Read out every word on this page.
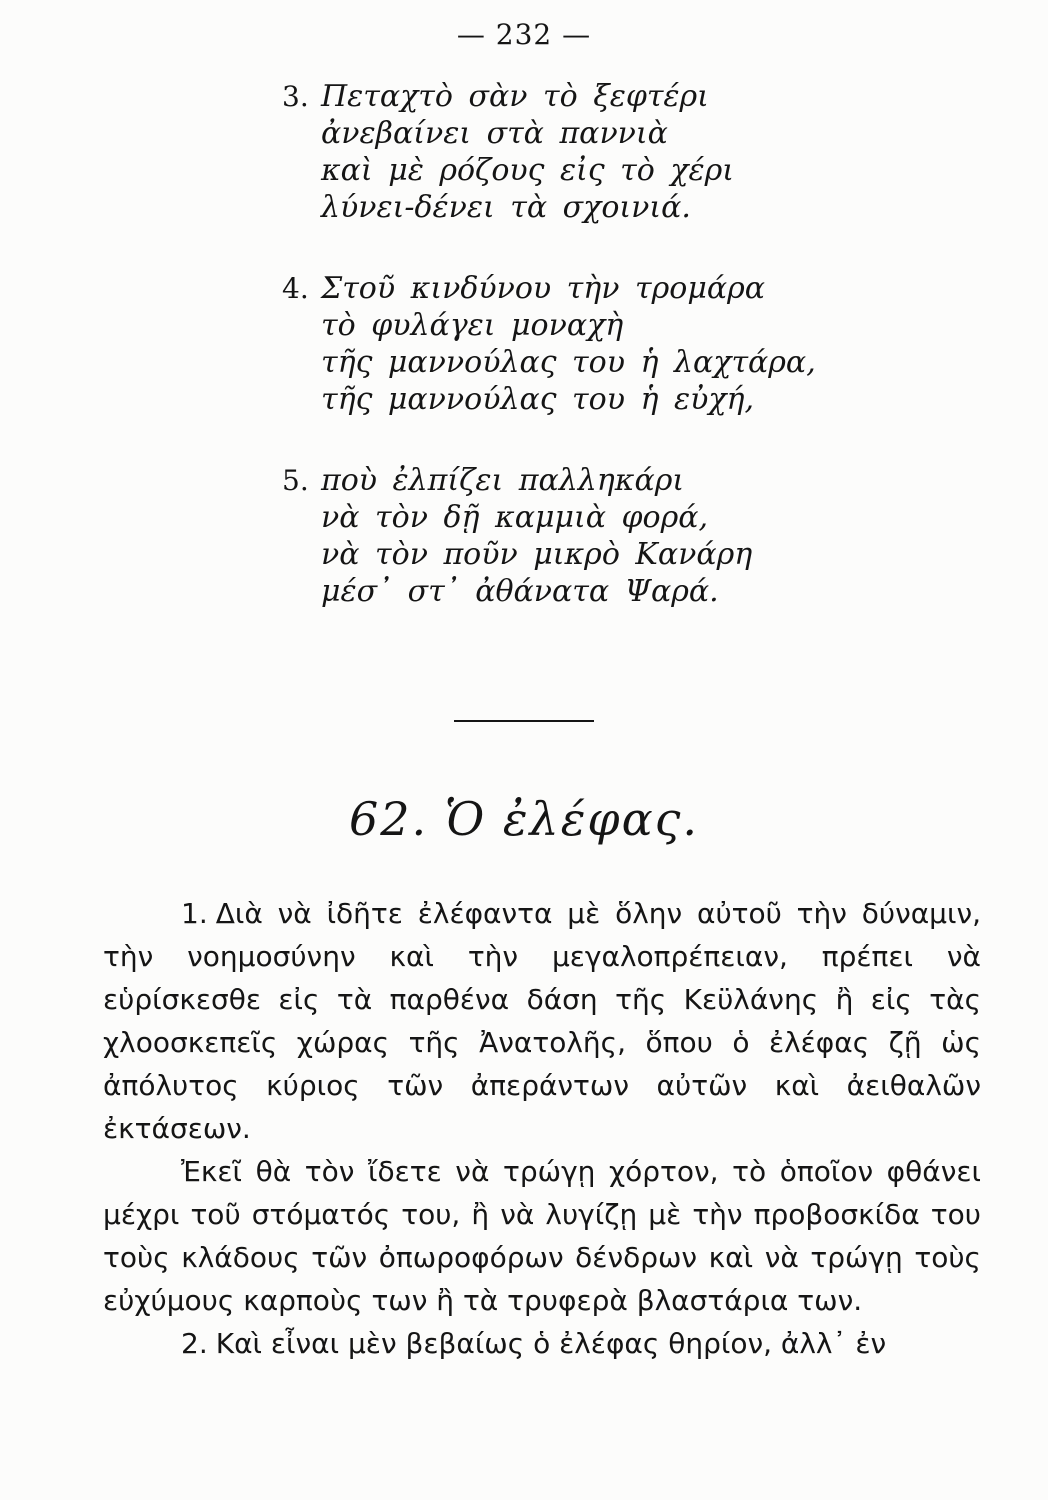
— 232 —
3. Πεταχτὸ σὰν τὸ ξεφτέρι
ἀνεβαίνει στὰ παννιὰ
καὶ μὲ ρόζους εἰς τὸ χέρι
λύνει-δένει τὰ σχοινιά.
4. Στοῦ κινδύνου τὴν τρομάρα
τὸ φυλάγει μοναχὴ
τῆς μαννούλας του ἡ λαχτάρα,
τῆς μαννούλας του ἡ εὐχή,
5. ποὺ ἐλπίζει παλληκάρι
νὰ τὸν δῇ καμμιὰ φορά,
νὰ τὸν ποῦν μικρὸ Κανάρη
μέσ᾽ στ᾽ ἀθάνατα Ψαρά.
62. Ὁ ἐλέφας.

1. Διὰ νὰ ἰδῆτε ἐλέφαντα μὲ ὅλην αὐτοῦ τὴν δύναμιν, τὴν νοημοσύνην καὶ τὴν μεγαλοπρέπειαν, πρέπει νὰ εὑρίσκεσθε εἰς τὰ παρθένα δάση τῆς Κεϋλάνης ἢ εἰς τὰς χλοοσκεπεῖς χώρας τῆς Ἀνατολῆς, ὅπου ὁ ἐλέφας ζῇ ὡς ἀπόλυτος κύριος τῶν ἀπεράντων αὐτῶν καὶ ἀειθαλῶν ἐκτάσεων.

Ἐκεῖ θὰ τὸν ἴδετε νὰ τρώγῃ χόρτον, τὸ ὁποῖον φθάνει μέχρι τοῦ στόματός του, ἢ νὰ λυγίζῃ μὲ τὴν προβοσκίδα του τοὺς κλάδους τῶν ὀπωροφόρων δένδρων καὶ νὰ τρώγῃ τοὺς εὐχύμους καρποὺς των ἢ τὰ τρυφερὰ βλαστάρια των.

2. Καὶ εἶναι μὲν βεβαίως ὁ ἐλέφας θηρίον, ἀλλ᾽ ἐν
